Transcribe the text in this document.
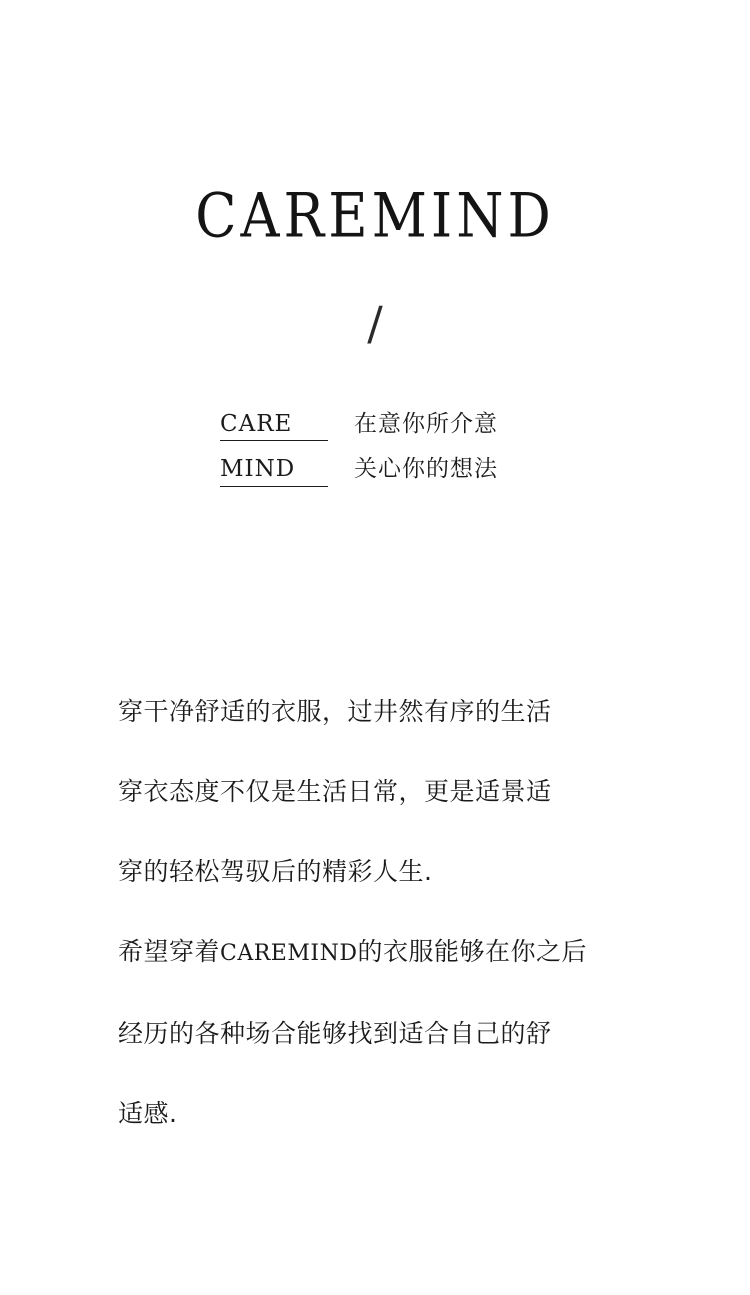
CAREMIND
/
CARE	在意你所介意
MIND	关心你的想法
穿干净舒适的衣服，过井然有序的生活
穿衣态度不仅是生活日常，更是适景适
穿的轻松驾驭后的精彩人生.
希望穿着CAREMIND的衣服能够在你之后
经历的各种场合能够找到适合自己的舒
适感.
